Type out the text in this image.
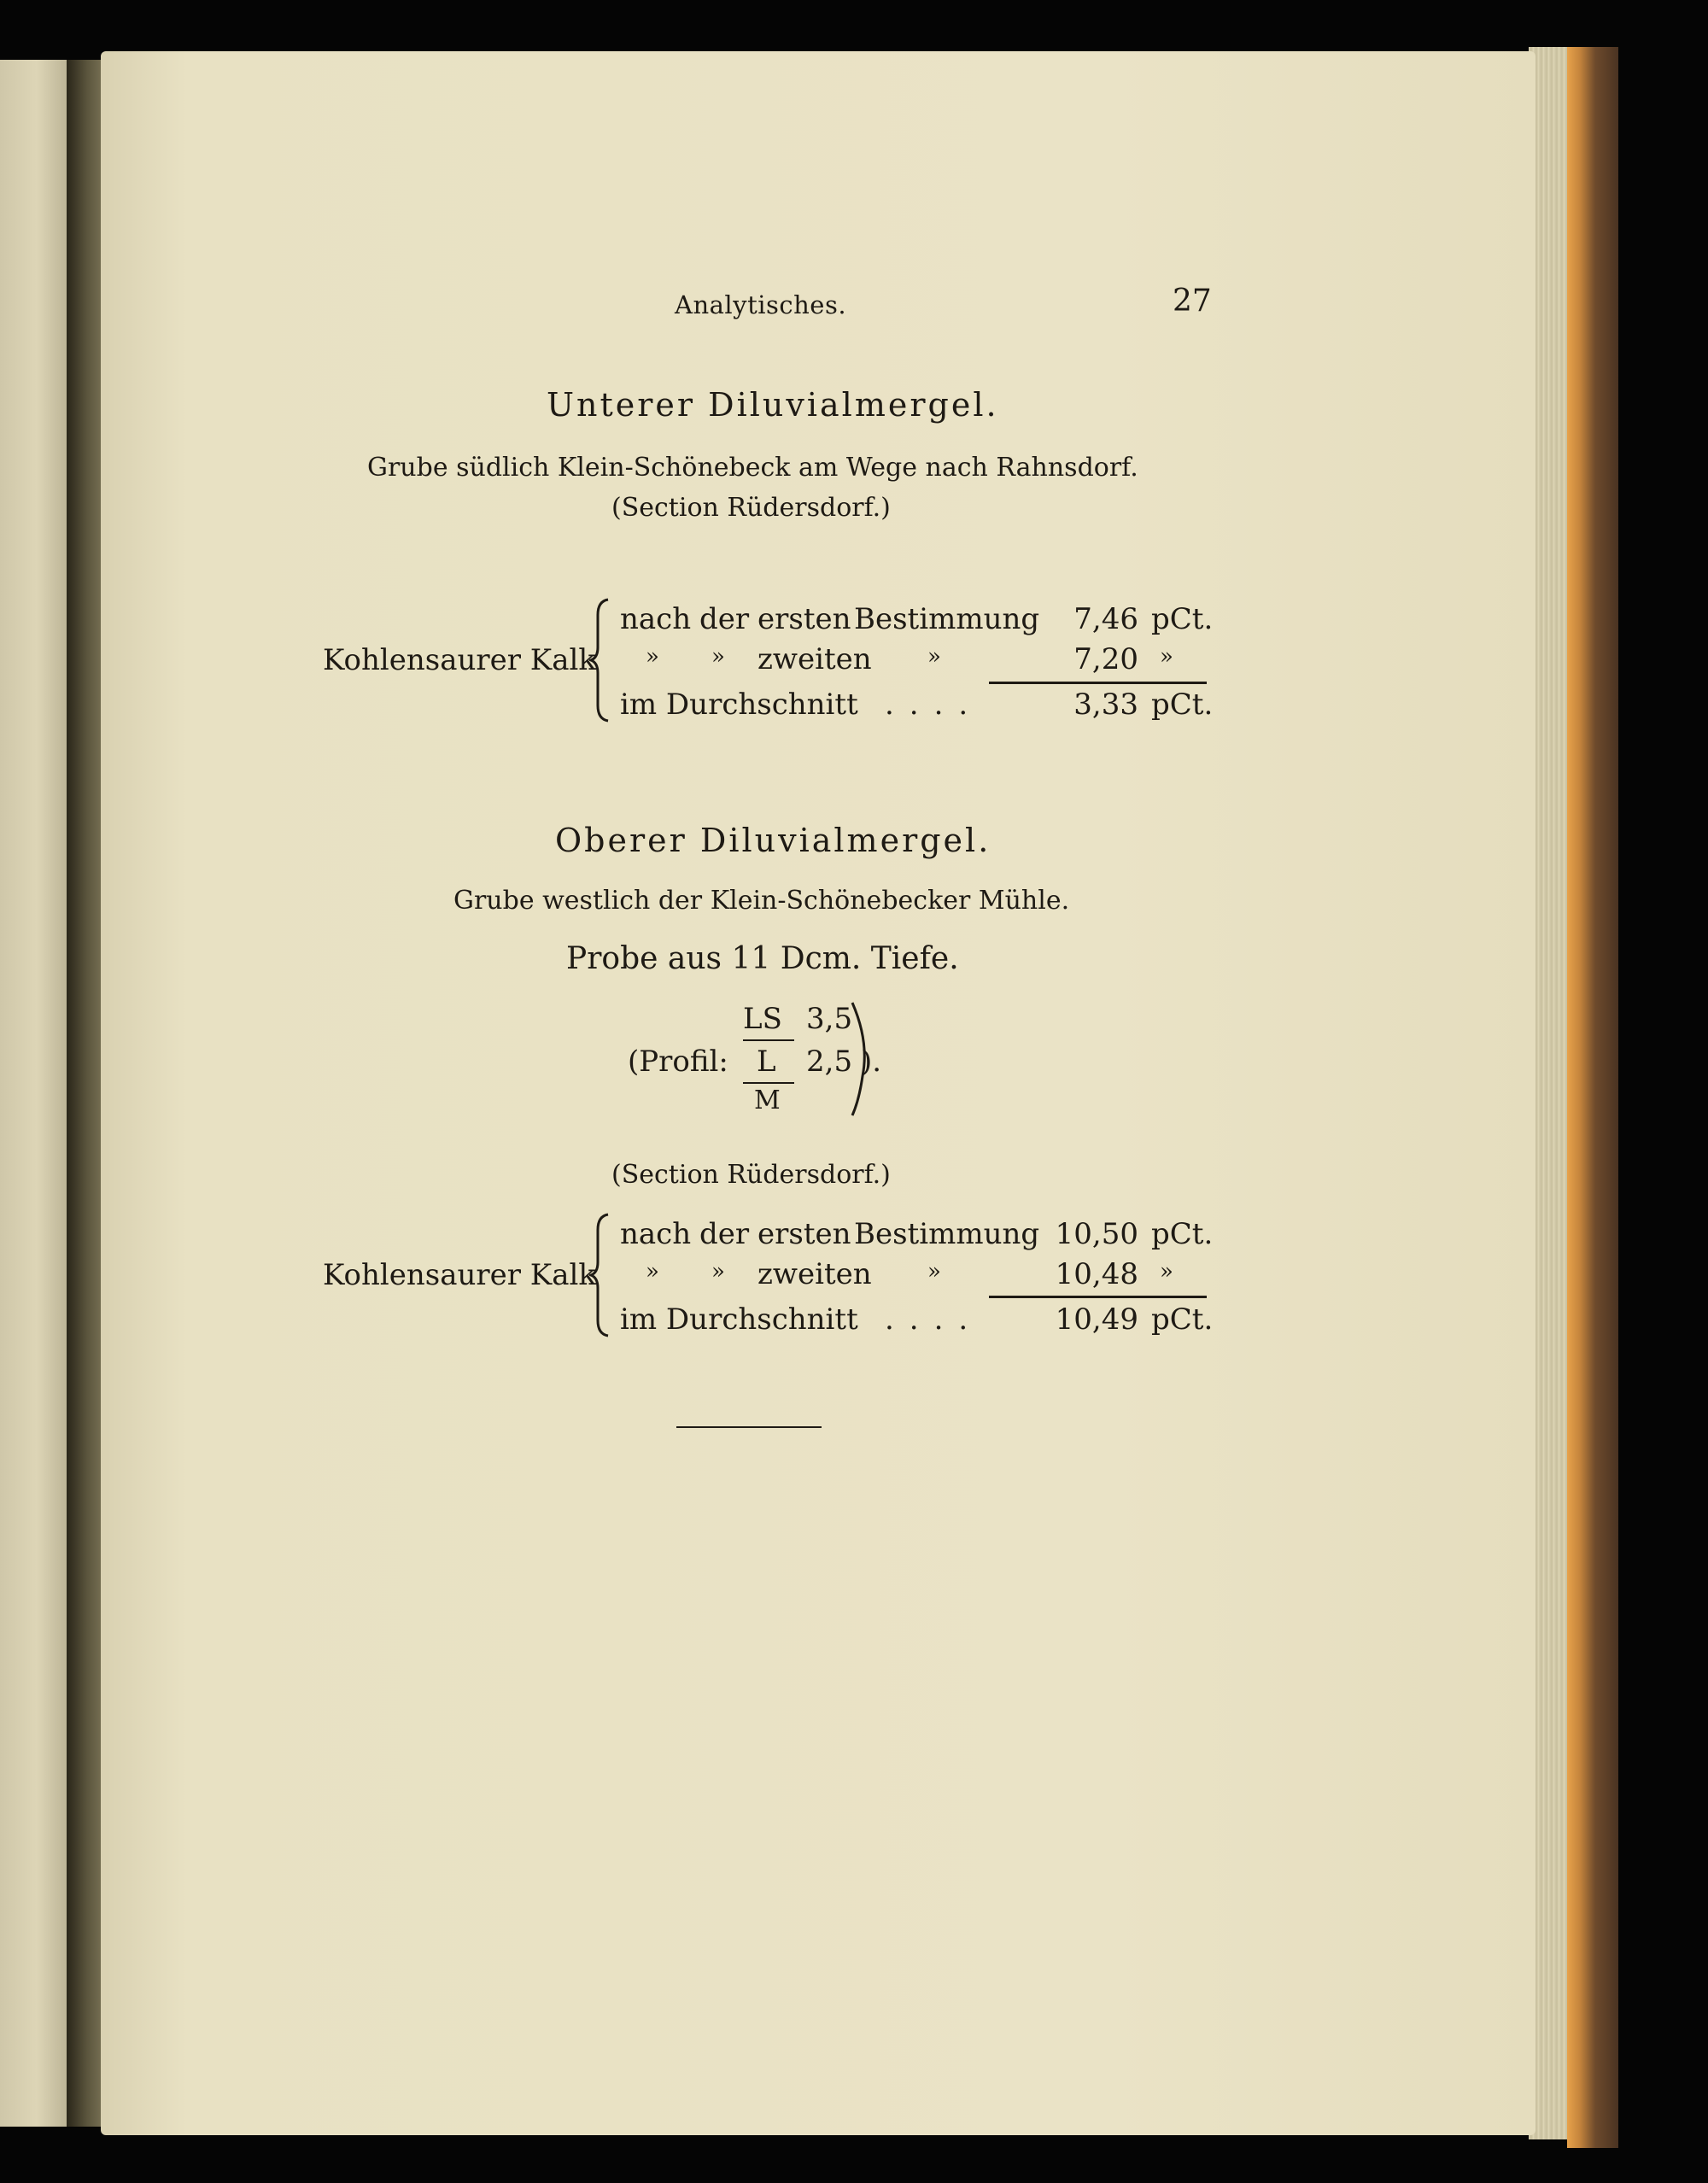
Analytisches.	27
Unterer Diluvialmergel.
Grube südlich Klein-Schönebeck am Wege nach Rahnsdorf.
(Section Rüdersdorf.)
Kohlensaurer Kalk
nach der ersten Bestimmung	7,46 pCt.
» » zweiten	»	7,20 »
im Durchschnitt ....	3,33 pCt.
Oberer Diluvialmergel.
Grube westlich der Klein-Schönebecker Mühle.
Probe aus 11 Dcm. Tiefe.
(Profil:
LS 3,5
L 2,5
M
).
(Section Rüdersdorf.)
Kohlensaurer Kalk
nach der ersten Bestimmung 10,50 pCt.
» » zweiten	»	10,48 »
im Durchschnitt ....	10,49 pCt.
